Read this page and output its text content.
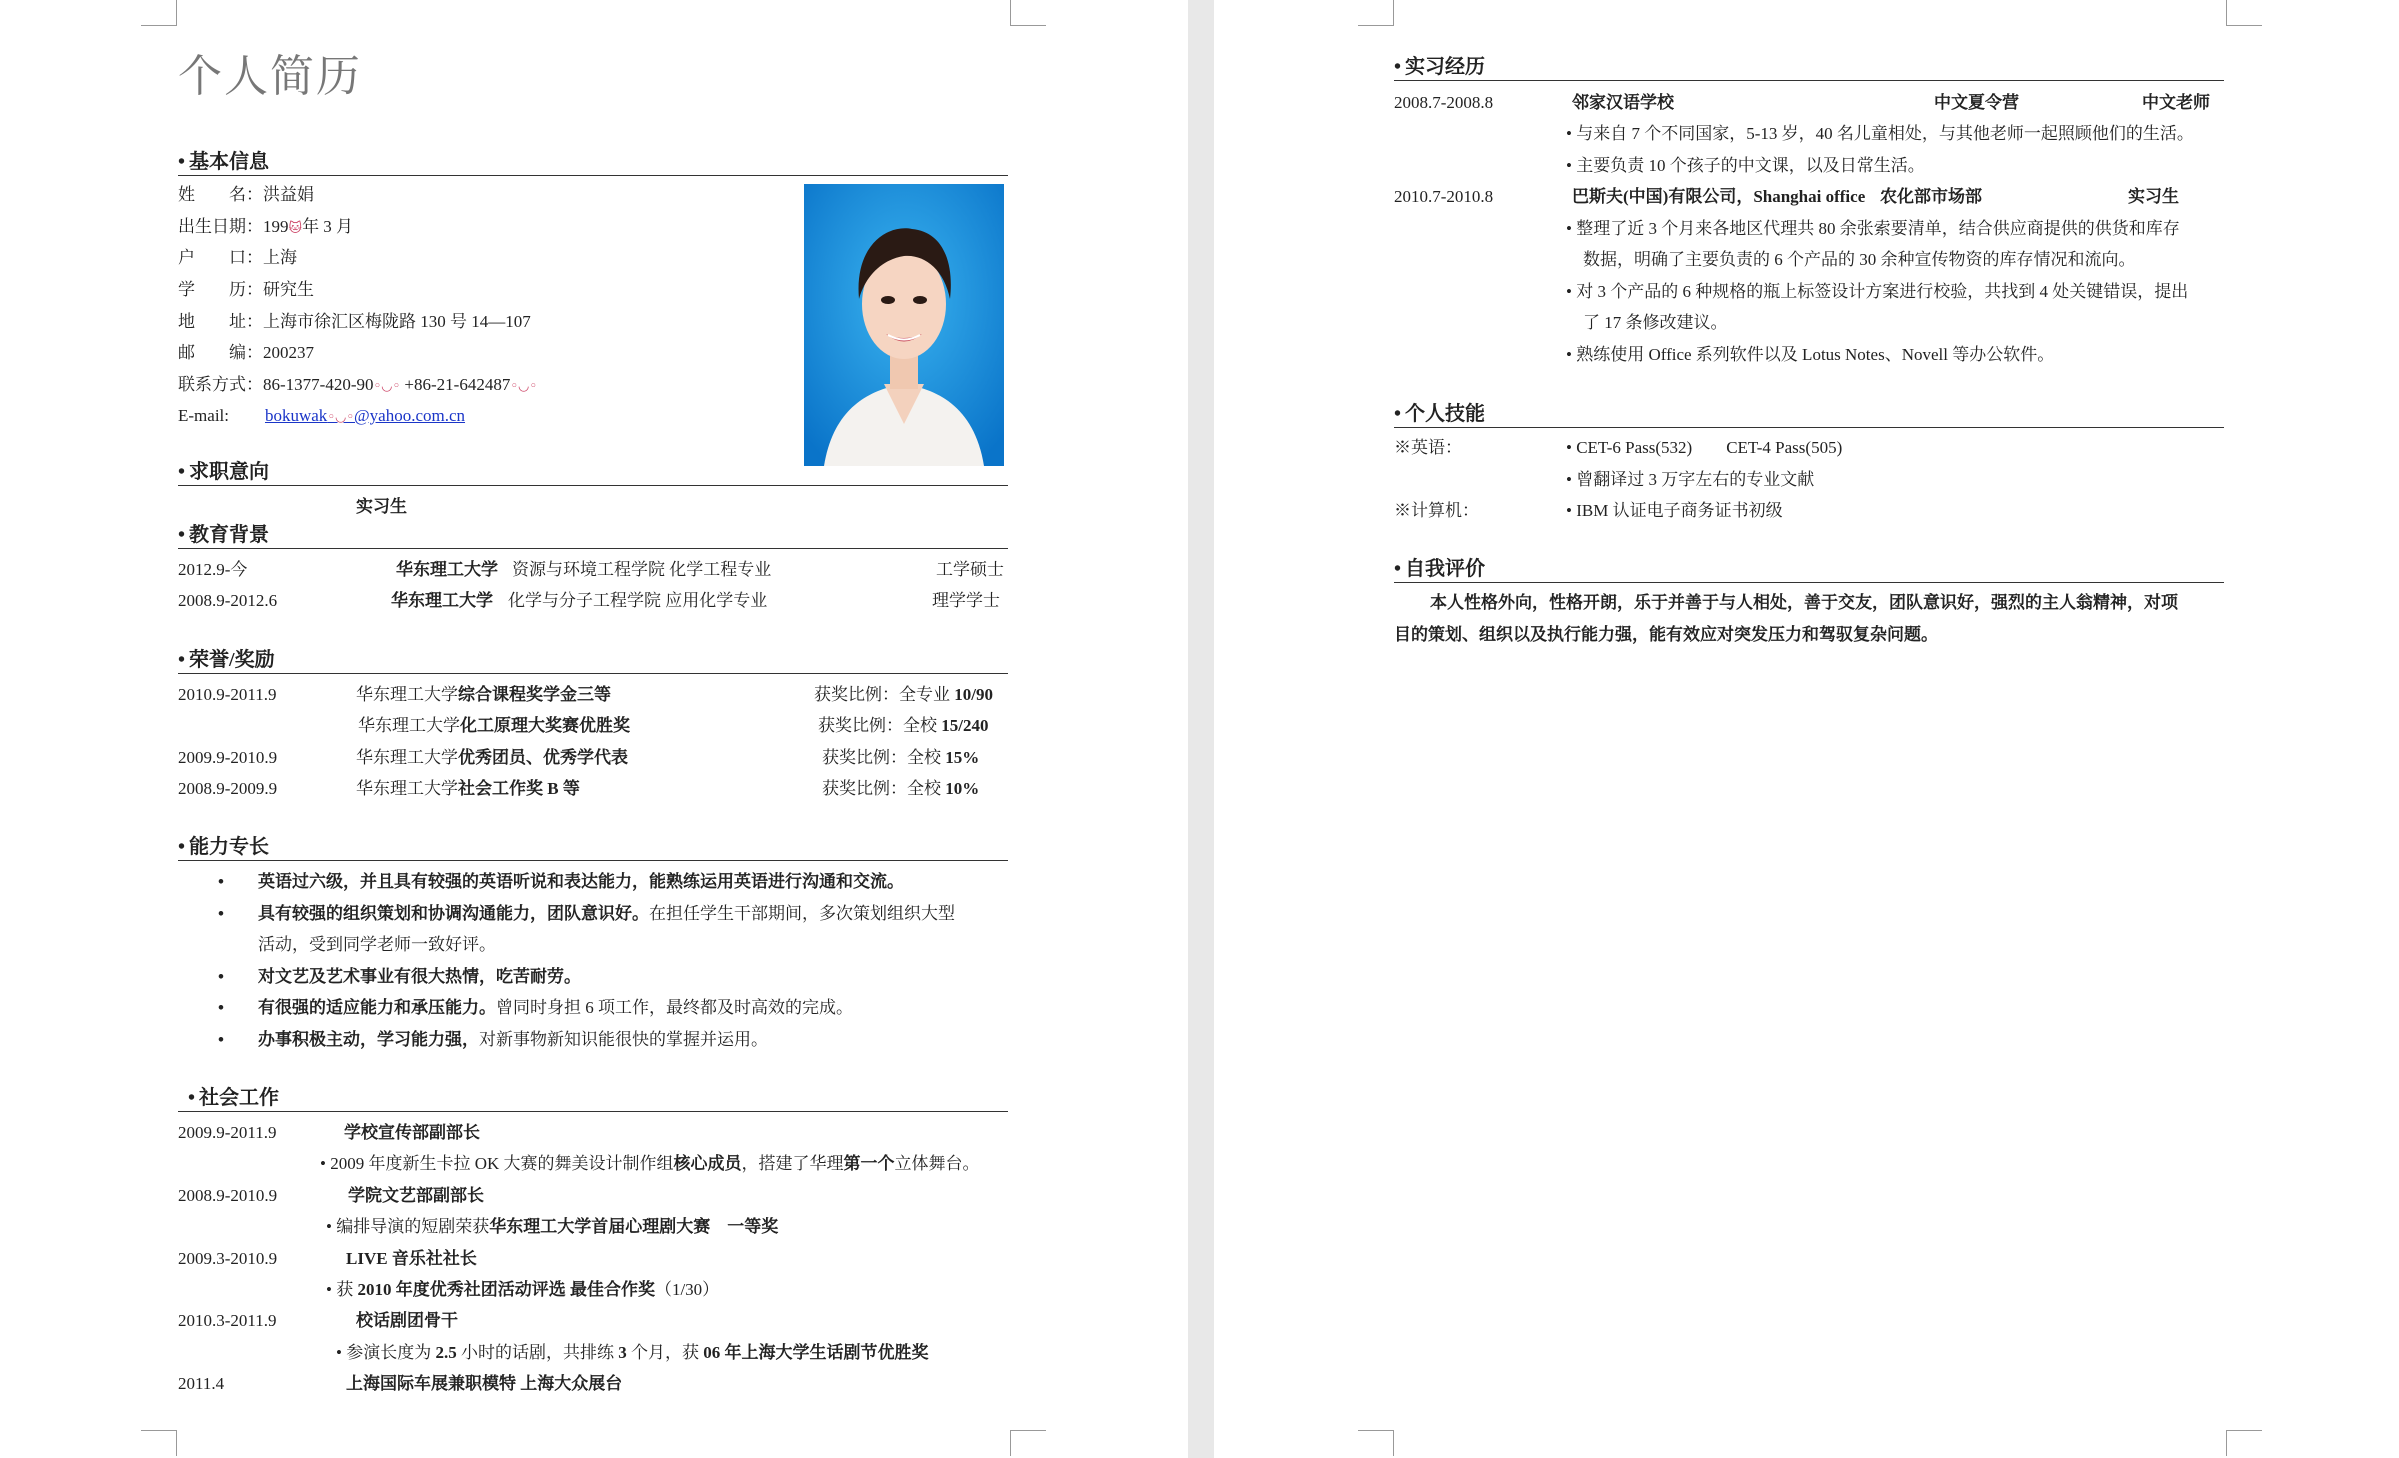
个人简历
• 基本信息
姓　　名：洪益娟
出生日期：199🐱年 3 月
户　　口：上海
学　　历：研究生
地　　址：上海市徐汇区梅陇路 130 号 14—107
邮　　编：200237
联系方式：86-1377-420-90◦◡◦ +86-21-642487◦◡◦
E-mail: bokuwak◦◡◦@yahoo.com.cn
• 求职意向
实习生
• 教育背景
2012.9-今	华东理工大学 资源与环境工程学院 化学工程专业	工学硕士
2008.9-2012.6	华东理工大学 化学与分子工程学院 应用化学专业	理学学士
• 荣誉/奖励
2010.9-2011.9	华东理工大学综合课程奖学金三等	获奖比例：全专业 10/90
华东理工大学化工原理大奖赛优胜奖	获奖比例：全校 15/240
2009.9-2010.9	华东理工大学优秀团员、优秀学代表	获奖比例：全校 15%
2008.9-2009.9	华东理工大学社会工作奖 B 等	获奖比例：全校 10%
• 能力专长
• 英语过六级，并且具有较强的英语听说和表达能力，能熟练运用英语进行沟通和交流。
• 具有较强的组织策划和协调沟通能力，团队意识好。在担任学生干部期间，多次策划组织大型
活动，受到同学老师一致好评。
• 对文艺及艺术事业有很大热情，吃苦耐劳。
• 有很强的适应能力和承压能力。曾同时身担 6 项工作，最终都及时高效的完成。
• 办事积极主动，学习能力强，对新事物新知识能很快的掌握并运用。
• 社会工作
2009.9-2011.9	学校宣传部副部长
• 2009 年度新生卡拉 OK 大赛的舞美设计制作组核心成员，搭建了华理第一个立体舞台。
2008.9-2010.9	学院文艺部副部长
• 编排导演的短剧荣获华东理工大学首届心理剧大赛　一等奖
2009.3-2010.9	LIVE 音乐社社长
• 获 2010 年度优秀社团活动评选 最佳合作奖（1/30）
2010.3-2011.9	校话剧团骨干
• 参演长度为 2.5 小时的话剧，共排练 3 个月，获 06 年上海大学生话剧节优胜奖
2011.4	上海国际车展兼职模特 上海大众展台
• 实习经历
2008.7-2008.8	邻家汉语学校	中文夏令营	中文老师
• 与来自 7 个不同国家，5-13 岁，40 名儿童相处，与其他老师一起照顾他们的生活。
• 主要负责 10 个孩子的中文课，以及日常生活。
2010.7-2010.8	巴斯夫(中国)有限公司，Shanghai office 农化部市场部	实习生
• 整理了近 3 个月来各地区代理共 80 余张索要清单，结合供应商提供的供货和库存
　数据，明确了主要负责的 6 个产品的 30 余种宣传物资的库存情况和流向。
• 对 3 个产品的 6 种规格的瓶上标签设计方案进行校验，共找到 4 处关键错误，提出
　了 17 条修改建议。
• 熟练使用 Office 系列软件以及 Lotus Notes、Novell 等办公软件。
• 个人技能
※英语：	• CET-6 Pass(532)        CET-4 Pass(505)
• 曾翻译过 3 万字左右的专业文献
※计算机：	• IBM 认证电子商务证书初级
• 自我评价
本人性格外向，性格开朗，乐于并善于与人相处，善于交友，团队意识好，强烈的主人翁精神，对项
目的策划、组织以及执行能力强，能有效应对突发压力和驾驭复杂问题。
